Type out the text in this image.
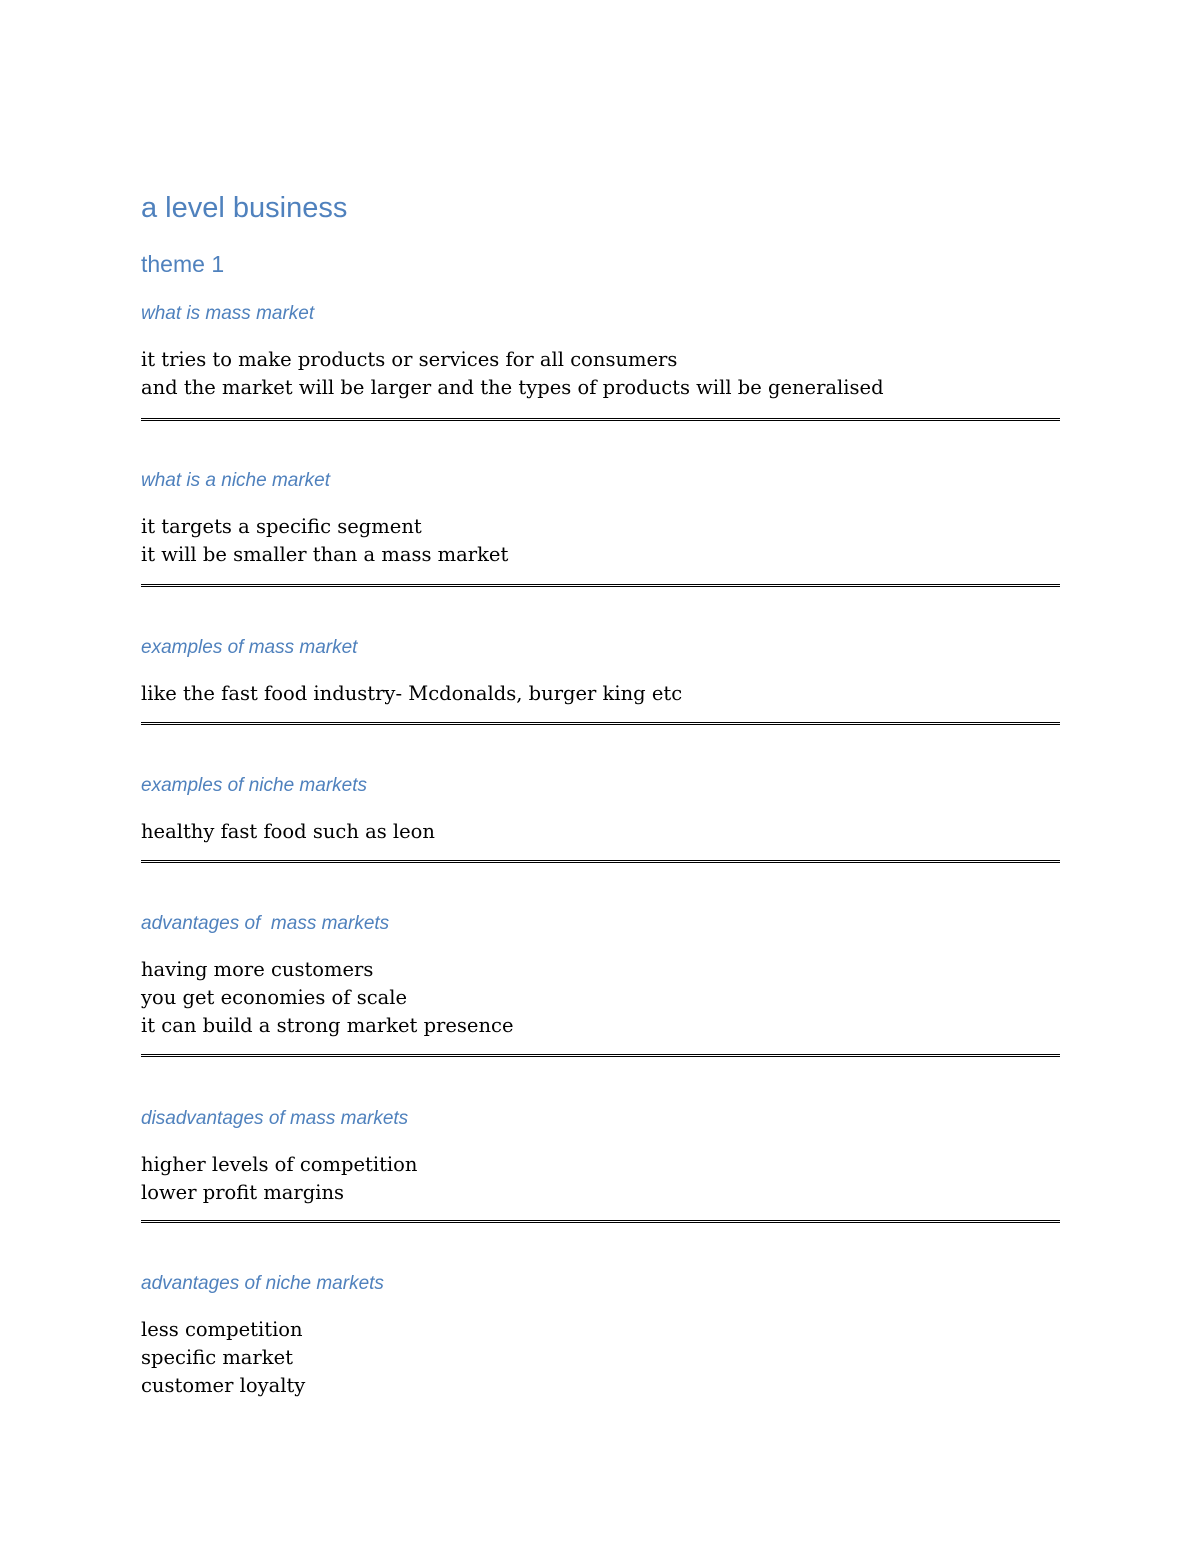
a level business
theme 1
what is mass market
it tries to make products or services for all consumers
and the market will be larger and the types of products will be generalised
what is a niche market
it targets a specific segment
it will be smaller than a mass market
examples of mass market
like the fast food industry- Mcdonalds, burger king etc
examples of niche markets
healthy fast food such as leon
advantages of  mass markets
having more customers
you get economies of scale
it can build a strong market presence
disadvantages of mass markets
higher levels of competition
lower profit margins
advantages of niche markets
less competition
specific market
customer loyalty
